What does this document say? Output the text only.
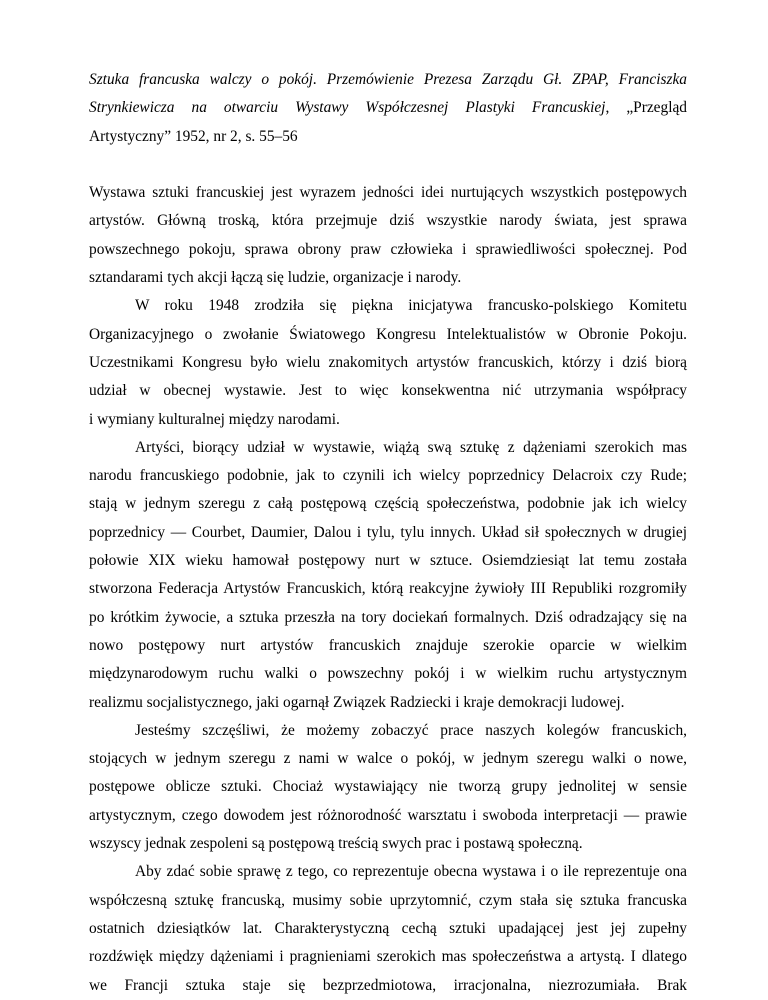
Sztuka francuska walczy o pokój. Przemówienie Prezesa Zarządu Gł. ZPAP, Franciszka
Strynkiewicza na otwarciu Wystawy Współczesnej Plastyki Francuskiej, „Przegląd
Artystyczny” 1952, nr 2, s. 55–56
Wystawa sztuki francuskiej jest wyrazem jedności idei nurtujących wszystkich postępowych
artystów. Główną troską, która przejmuje dziś wszystkie narody świata, jest sprawa
powszechnego pokoju, sprawa obrony praw człowieka i sprawiedliwości społecznej. Pod
sztandarami tych akcji łączą się ludzie, organizacje i narody.
W roku 1948 zrodziła się piękna inicjatywa francusko-polskiego Komitetu
Organizacyjnego o zwołanie Światowego Kongresu Intelektualistów w Obronie Pokoju.
Uczestnikami Kongresu było wielu znakomitych artystów francuskich, którzy i dziś biorą
udział w obecnej wystawie. Jest to więc konsekwentna nić utrzymania współpracy
i wymiany kulturalnej między narodami.
Artyści, biorący udział w wystawie, wiążą swą sztukę z dążeniami szerokich mas
narodu francuskiego podobnie, jak to czynili ich wielcy poprzednicy Delacroix czy Rude;
stają w jednym szeregu z całą postępową częścią społeczeństwa, podobnie jak ich wielcy
poprzednicy — Courbet, Daumier, Dalou i tylu, tylu innych. Układ sił społecznych w drugiej
połowie XIX wieku hamował postępowy nurt w sztuce. Osiemdziesiąt lat temu została
stworzona Federacja Artystów Francuskich, którą reakcyjne żywioły III Republiki rozgromiły
po krótkim żywocie, a sztuka przeszła na tory dociekań formalnych. Dziś odradzający się na
nowo postępowy nurt artystów francuskich znajduje szerokie oparcie w wielkim
międzynarodowym ruchu walki o powszechny pokój i w wielkim ruchu artystycznym
realizmu socjalistycznego, jaki ogarnął Związek Radziecki i kraje demokracji ludowej.
Jesteśmy szczęśliwi, że możemy zobaczyć prace naszych kolegów francuskich,
stojących w jednym szeregu z nami w walce o pokój, w jednym szeregu walki o nowe,
postępowe oblicze sztuki. Chociaż wystawiający nie tworzą grupy jednolitej w sensie
artystycznym, czego dowodem jest różnorodność warsztatu i swoboda interpretacji — prawie
wszyscy jednak zespoleni są postępową treścią swych prac i postawą społeczną.
Aby zdać sobie sprawę z tego, co reprezentuje obecna wystawa i o ile reprezentuje ona
współczesną sztukę francuską, musimy sobie uprzytomnić, czym stała się sztuka francuska
ostatnich dziesiątków lat. Charakterystyczną cechą sztuki upadającej jest jej zupełny
rozdźwięk między dążeniami i pragnieniami szerokich mas społeczeństwa a artystą. I dlatego
we Francji sztuka staje się bezprzedmiotowa, irracjonalna, niezrozumiała. Brak
